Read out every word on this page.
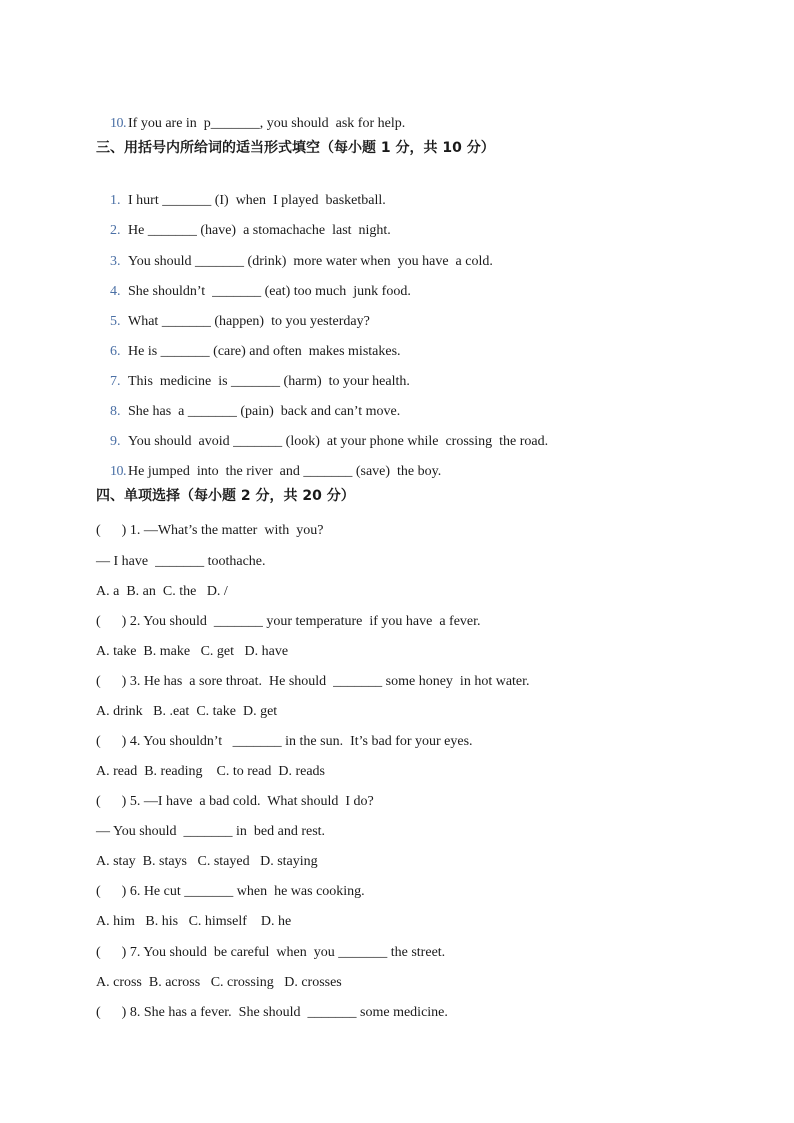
10. If you are in  p_______, you should  ask for help.

三、用括号内所给词的适当形式填空（每小题 1 分，共 10 分）

1. I hurt _______ (I)  when  I played  basketball.

2. He _______ (have)  a stomachache  last  night.

3. You should _______ (drink)  more water when  you have  a cold.

4. She shouldn’t  _______ (eat) too much  junk food.

5. What _______ (happen)  to you yesterday?

6. He is _______ (care) and often  makes mistakes.

7. This  medicine  is _______ (harm)  to your health.

8. She has  a _______ (pain)  back and can’t move.

9. You should  avoid _______ (look)  at your phone while  crossing  the road.

10. He jumped  into  the river  and _______ (save)  the boy.

四、单项选择（每小题 2 分，共 20 分）
(      ) 1. —What’s the matter  with  you?
— I have  _______ toothache.
A. a  B. an  C. the   D. /
(      ) 2. You should  _______ your temperature  if you have  a fever.
A. take  B. make   C. get   D. have
(      ) 3. He has  a sore throat.  He should  _______ some honey  in hot water.
A. drink   B. .eat  C. take  D. get
(      ) 4. You shouldn’t   _______ in the sun.  It’s bad for your eyes.
A. read  B. reading    C. to read  D. reads
(      ) 5. —I have  a bad cold.  What should  I do?
— You should  _______ in  bed and rest.
A. stay  B. stays   C. stayed   D. staying
(      ) 6. He cut _______ when  he was cooking.
A. him   B. his   C. himself    D. he
(      ) 7. You should  be careful  when  you _______ the street.
A. cross  B. across   C. crossing   D. crosses
(      ) 8. She has a fever.  She should  _______ some medicine.
